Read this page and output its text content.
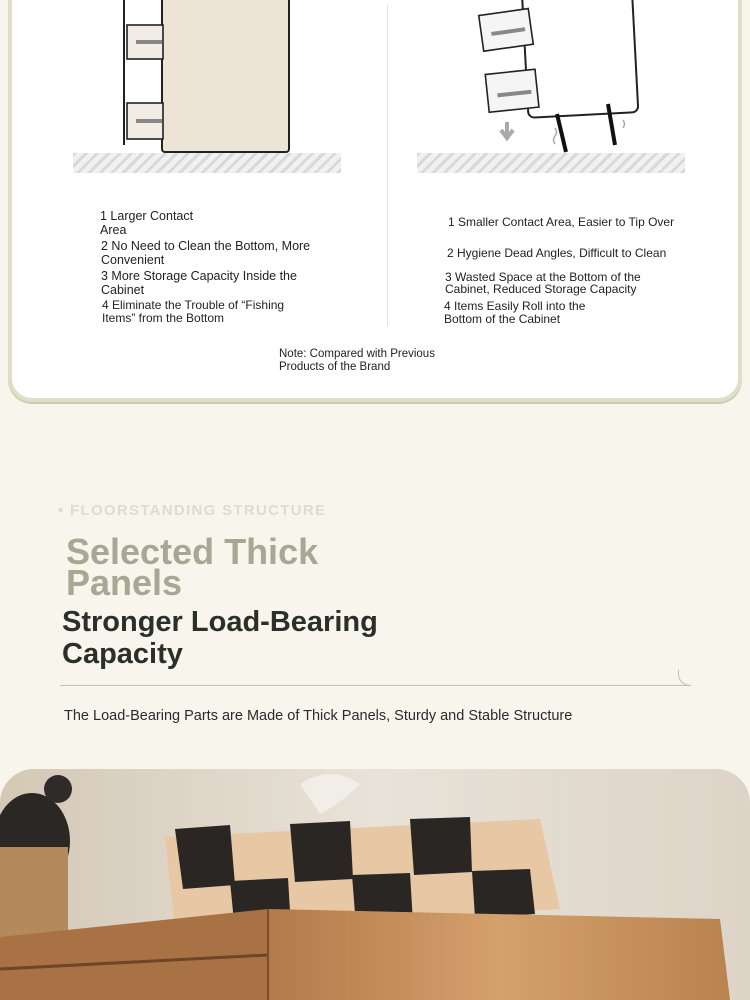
1 Larger Contact Area
2 No Need to Clean the Bottom, More Convenient
3 More Storage Capacity Inside the Cabinet
4 Eliminate the Trouble of “Fishing Items” from the Bottom
1 Smaller Contact Area, Easier to Tip Over
2 Hygiene Dead Angles, Difficult to Clean
3 Wasted Space at the Bottom of the Cabinet, Reduced Storage Capacity
4 Items Easily Roll into the Bottom of the Cabinet
Note: Compared with Previous Products of the Brand
• FLOORSTANDING STRUCTURE
Selected Thick Panels
Stronger Load-Bearing Capacity
The Load-Bearing Parts are Made of Thick Panels, Sturdy and Stable Structure
